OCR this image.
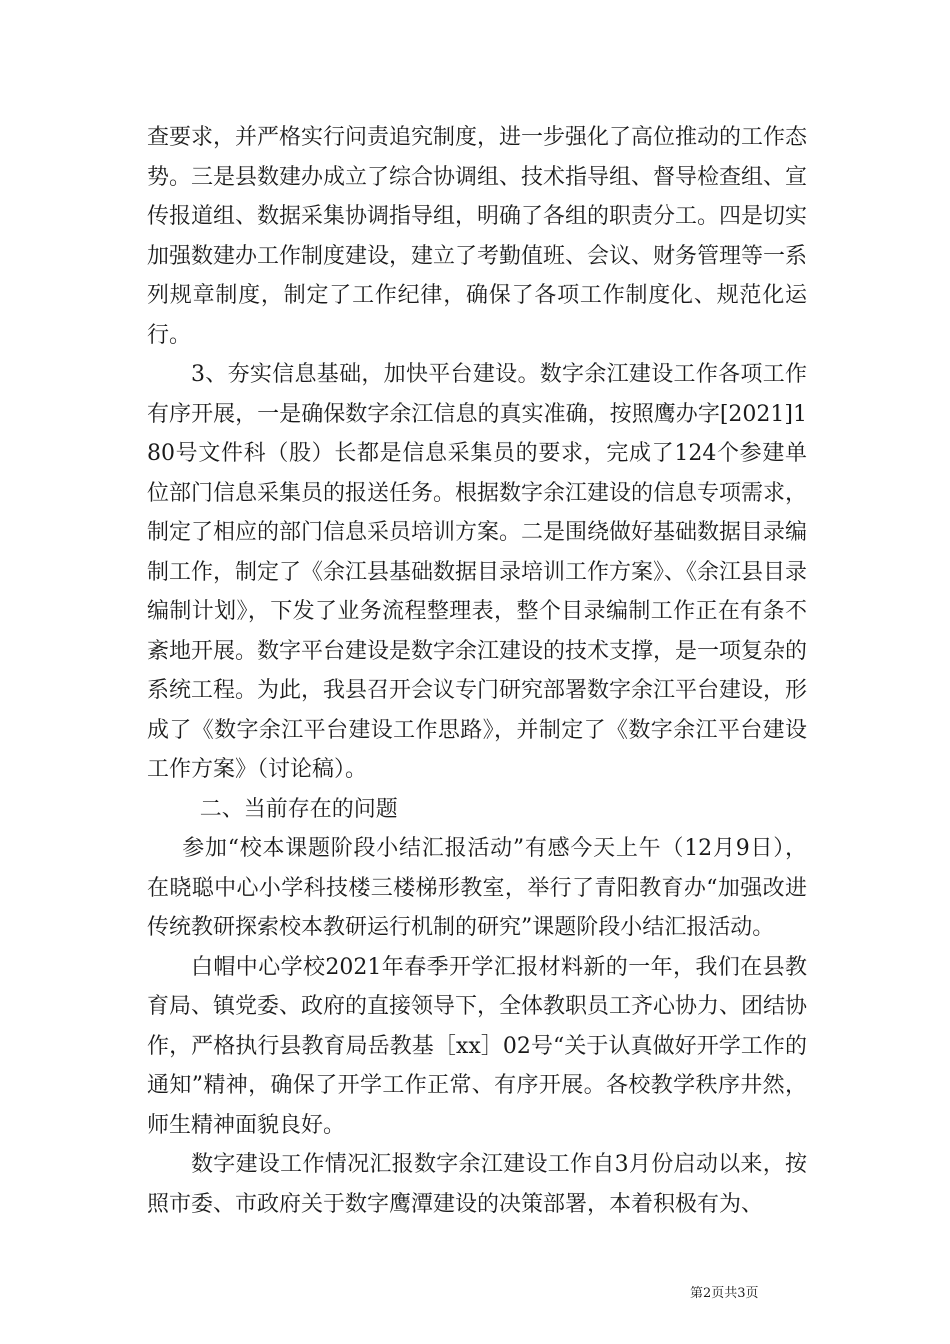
查要求，并严格实行问责追究制度，进一步强化了高位推动的工作态势。三是县数建办成立了综合协调组、技术指导组、督导检查组、宣传报道组、数据采集协调指导组，明确了各组的职责分工。四是切实加强数建办工作制度建设，建立了考勤值班、会议、财务管理等一系列规章制度，制定了工作纪律，确保了各项工作制度化、规范化运行。

3、夯实信息基础，加快平台建设。数字余江建设工作各项工作有序开展，一是确保数字余江信息的真实准确，按照鹰办字[2021]180号文件科（股）长都是信息采集员的要求，完成了124个参建单位部门信息采集员的报送任务。根据数字余江建设的信息专项需求，制定了相应的部门信息采员培训方案。二是围绕做好基础数据目录编制工作，制定了《余江县基础数据目录培训工作方案》、《余江县目录编制计划》，下发了业务流程整理表，整个目录编制工作正在有条不紊地开展。数字平台建设是数字余江建设的技术支撑，是一项复杂的系统工程。为此，我县召开会议专门研究部署数字余江平台建设，形成了《数字余江平台建设工作思路》，并制定了《数字余江平台建设工作方案》（讨论稿）。

二、当前存在的问题

参加“校本课题阶段小结汇报活动”有感今天上午（12月9日），在晓聪中心小学科技楼三楼梯形教室，举行了青阳教育办“加强改进传统教研探索校本教研运行机制的研究”课题阶段小结汇报活动。

白帽中心学校2021年春季开学汇报材料新的一年，我们在县教育局、镇党委、政府的直接领导下，全体教职员工齐心协力、团结协作，严格执行县教育局岳教基［xx］02号“关于认真做好开学工作的通知”精神，确保了开学工作正常、有序开展。各校教学秩序井然，师生精神面貌良好。

数字建设工作情况汇报数字余江建设工作自3月份启动以来，按照市委、市政府关于数字鹰潭建设的决策部署，本着积极有为、

第2页共3页
